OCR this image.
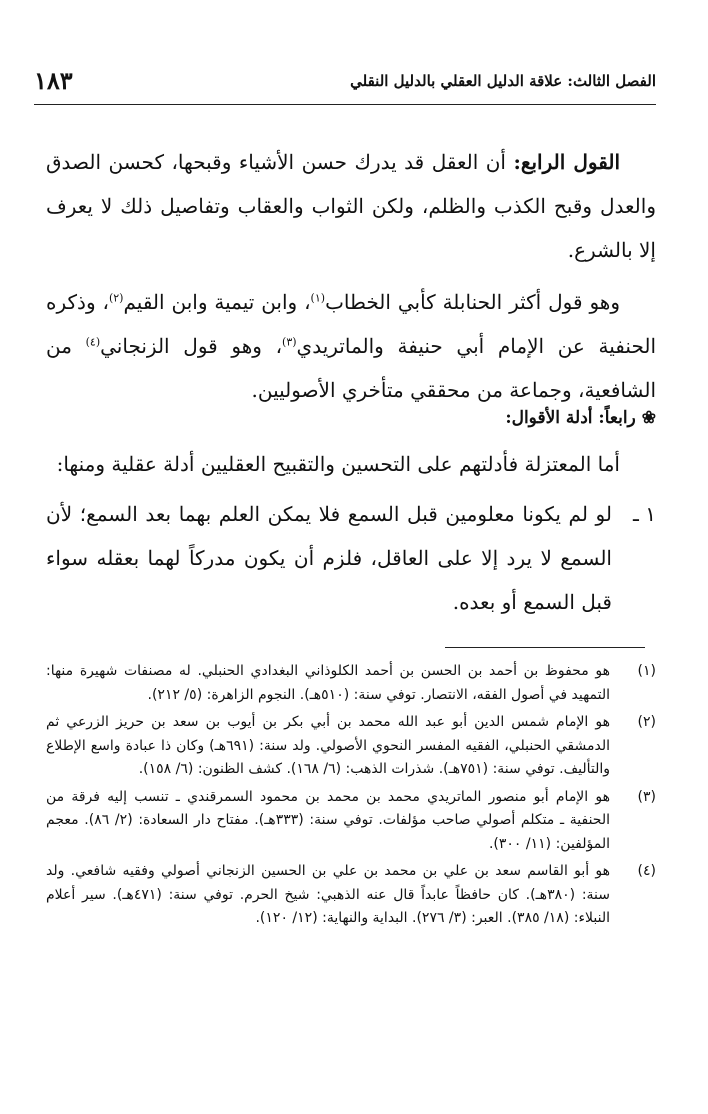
الفصل الثالث: علاقة الدليل العقلي بالدليل النقلي
١٨٣

القول الرابع: أن العقل قد يدرك حسن الأشياء وقبحها، كحسن الصدق والعدل وقبح الكذب والظلم، ولكن الثواب والعقاب وتفاصيل ذلك لا يعرف إلا بالشرع.

وهو قول أكثر الحنابلة كأبي الخطاب$^{(١)}$، وابن تيمية وابن القيم$^{(٢)}$، وذكره الحنفية عن الإمام أبي حنيفة والماتريدي$^{(٣)}$، وهو قول الزنجاني$^{(٤)}$ من الشافعية، وجماعة من محققي متأخري الأصوليين.

❀رابعاً: أدلة الأقوال:

أما المعتزلة فأدلتهم على التحسين والتقبيح العقليين أدلة عقلية ومنها:

١ ـ
لو لم يكونا معلومين قبل السمع فلا يمكن العلم بهما بعد السمع؛ لأن السمع لا يرد إلا على العاقل، فلزم أن يكون مدركاً لهما بعقله سواء قبل السمع أو بعده.
(١)
هو محفوظ بن أحمد بن الحسن بن أحمد الكلوذاني البغدادي الحنبلي. له مصنفات شهيرة منها: التمهيد في أصول الفقه، الانتصار. توفي سنة: (٥١٠هـ). النجوم الزاهرة: (٥/ ٢١٢).
(٢)
هو الإمام شمس الدين أبو عبد الله محمد بن أبي بكر بن أيوب بن سعد بن حريز الزرعي ثم الدمشقي الحنبلي، الفقيه المفسر النحوي الأصولي. ولد سنة: (٦٩١هـ) وكان ذا عبادة واسع الإطلاع والتأليف. توفي سنة: (٧٥١هـ). شذرات الذهب: (٦/ ١٦٨). كشف الظنون: (٦/ ١٥٨).
(٣)
هو الإمام أبو منصور الماتريدي محمد بن محمد بن محمود السمرقندي ـ تنسب إليه فرقة من الحنفية ـ متكلم أصولي صاحب مؤلفات. توفي سنة: (٣٣٣هـ). مفتاح دار السعادة: (٢/ ٨٦). معجم المؤلفين: (١١/ ٣٠٠).
(٤)
هو أبو القاسم سعد بن علي بن محمد بن علي بن الحسين الزنجاني أصولي وفقيه شافعي. ولد سنة: (٣٨٠هـ). كان حافظاً عابداً قال عنه الذهبي: شيخ الحرم. توفي سنة: (٤٧١هـ). سير أعلام النبلاء: (١٨/ ٣٨٥). العبر: (٣/ ٢٧٦). البداية والنهاية: (١٢/ ١٢٠).
